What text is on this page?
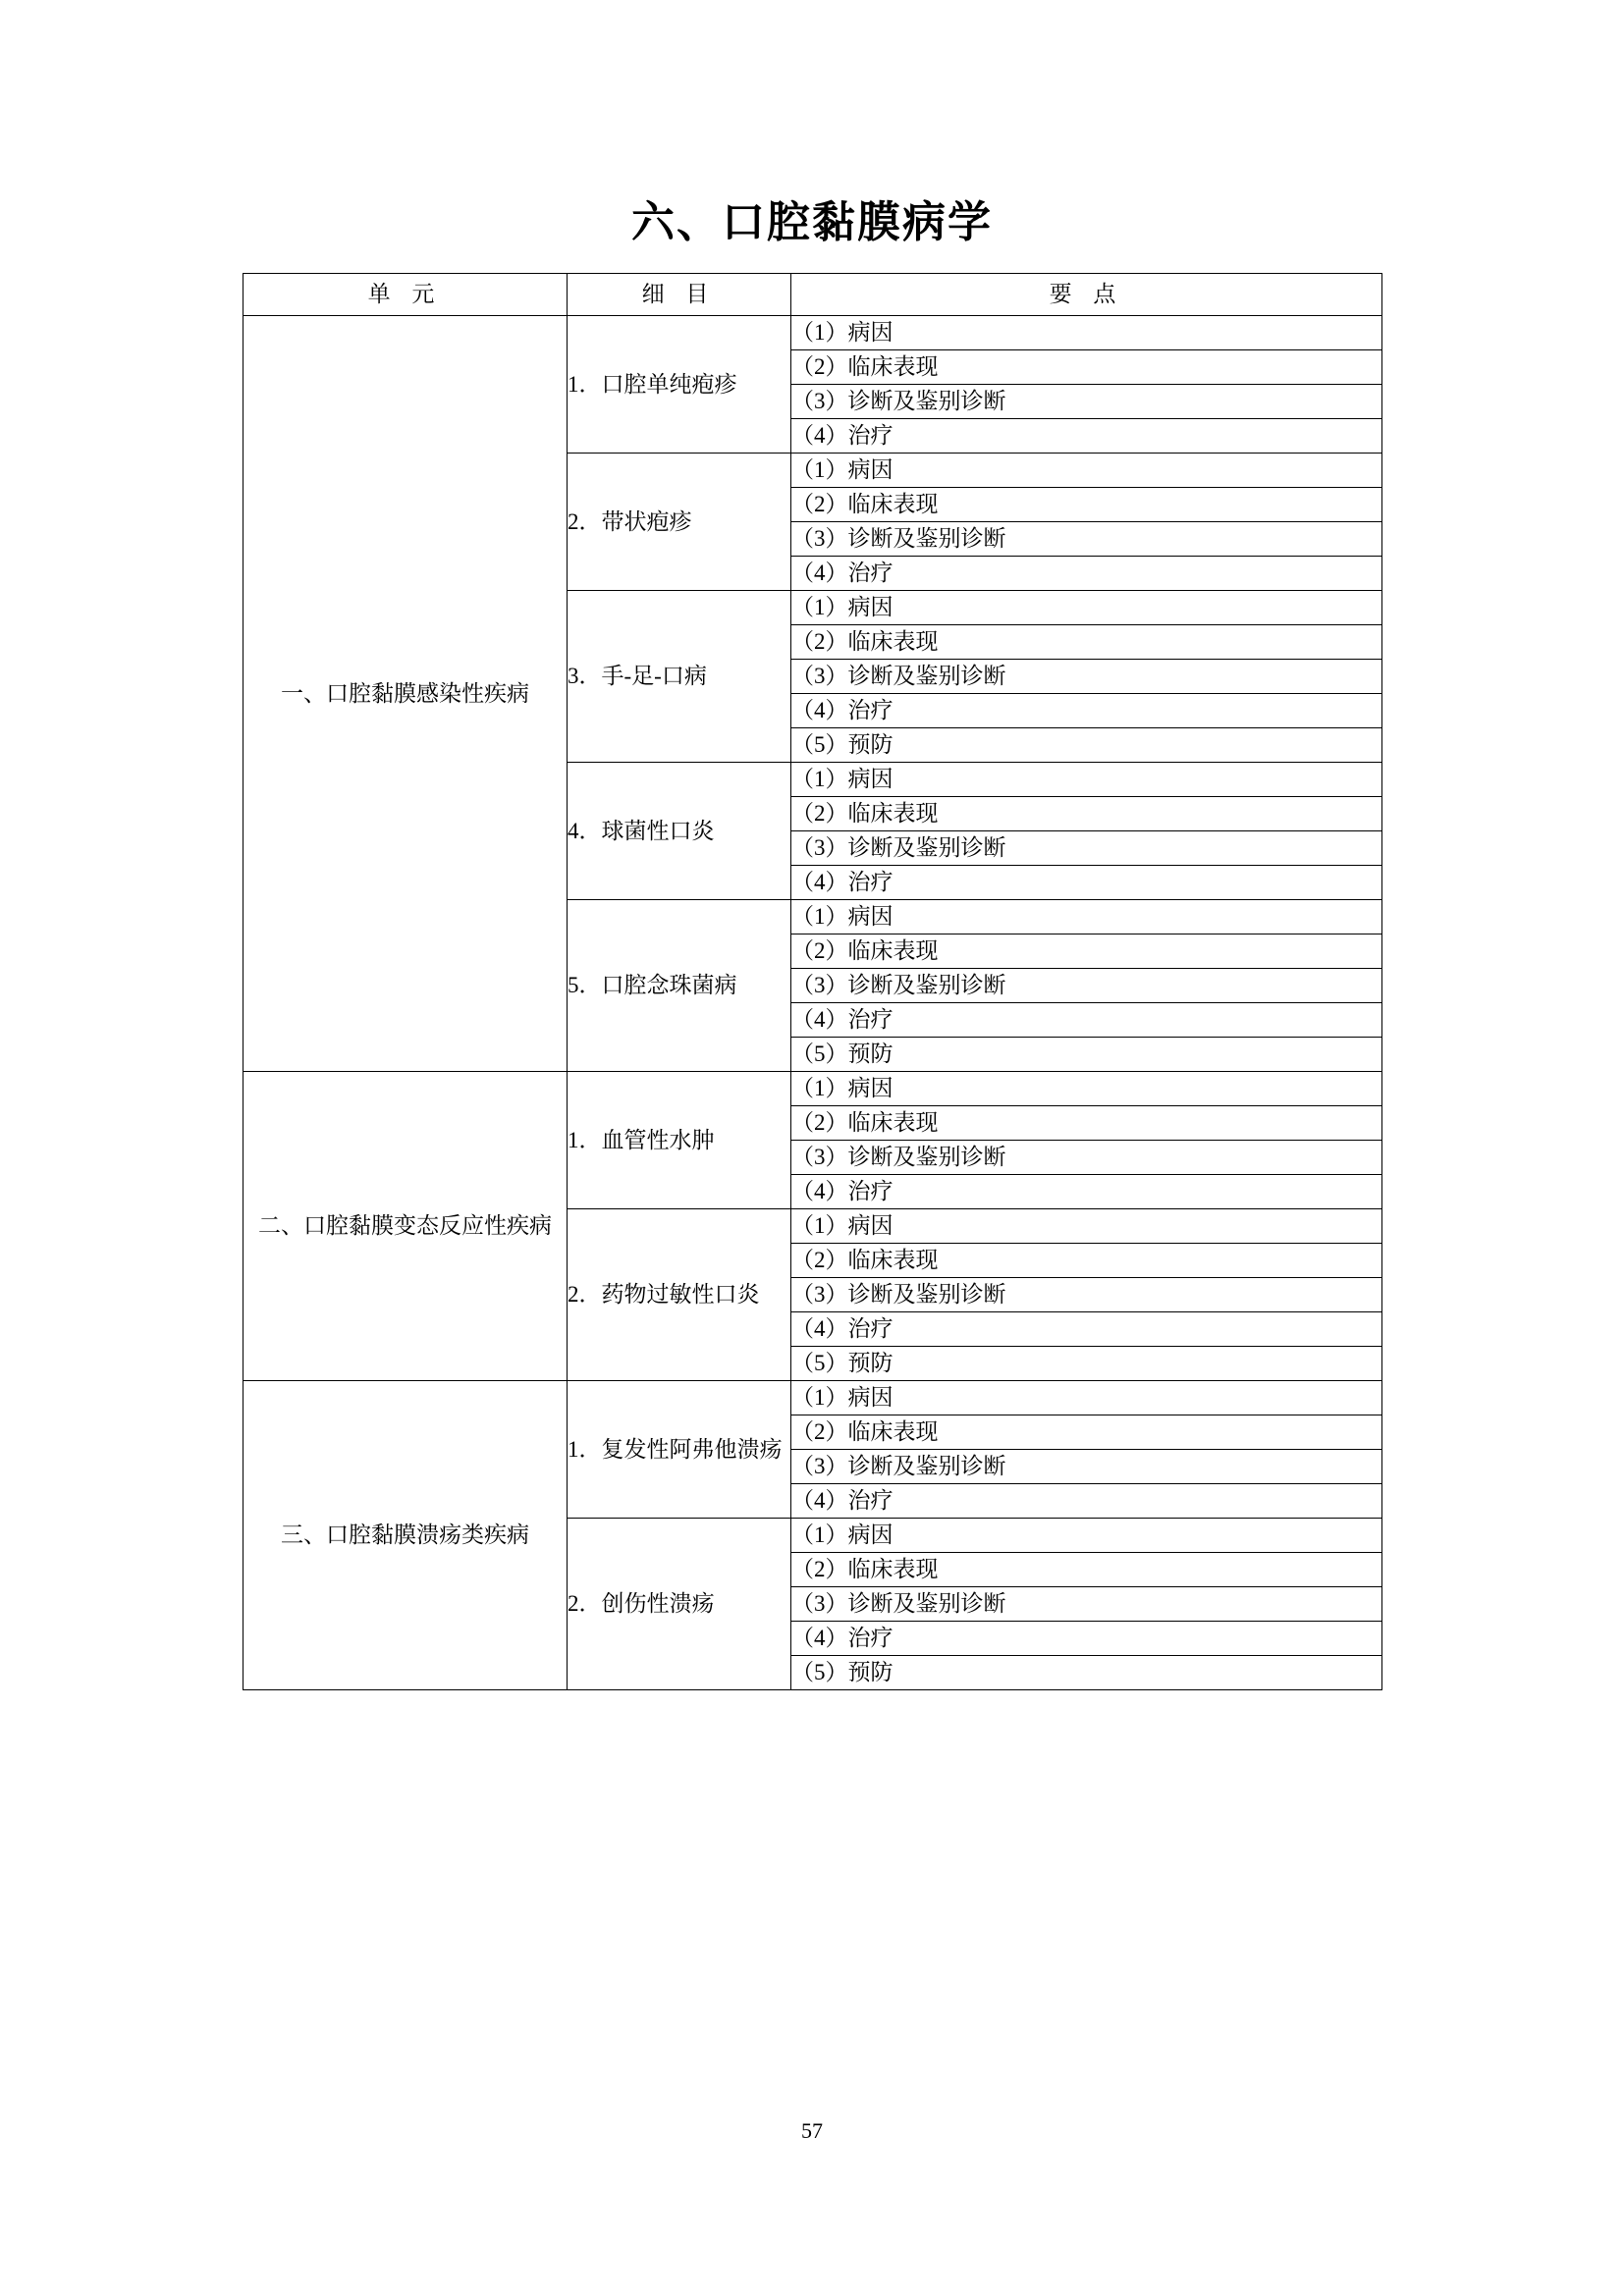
六、口腔黏膜病学
单 元	细 目	要 点
一、口腔黏膜感染性疾病	1．口腔单纯疱疹	（1）病因
		（2）临床表现
		（3）诊断及鉴别诊断
		（4）治疗
	2．带状疱疹	（1）病因
		（2）临床表现
		（3）诊断及鉴别诊断
		（4）治疗
	3．手-足-口病	（1）病因
		（2）临床表现
		（3）诊断及鉴别诊断
		（4）治疗
		（5）预防
	4．球菌性口炎	（1）病因
		（2）临床表现
		（3）诊断及鉴别诊断
		（4）治疗
	5．口腔念珠菌病	（1）病因
		（2）临床表现
		（3）诊断及鉴别诊断
		（4）治疗
		（5）预防
二、口腔黏膜变态反应性疾病	1．血管性水肿	（1）病因
		（2）临床表现
		（3）诊断及鉴别诊断
		（4）治疗
	2．药物过敏性口炎	（1）病因
		（2）临床表现
		（3）诊断及鉴别诊断
		（4）治疗
		（5）预防
三、口腔黏膜溃疡类疾病	1．复发性阿弗他溃疡	（1）病因
		（2）临床表现
		（3）诊断及鉴别诊断
		（4）治疗
	2．创伤性溃疡	（1）病因
		（2）临床表现
		（3）诊断及鉴别诊断
		（4）治疗
		（5）预防
57
